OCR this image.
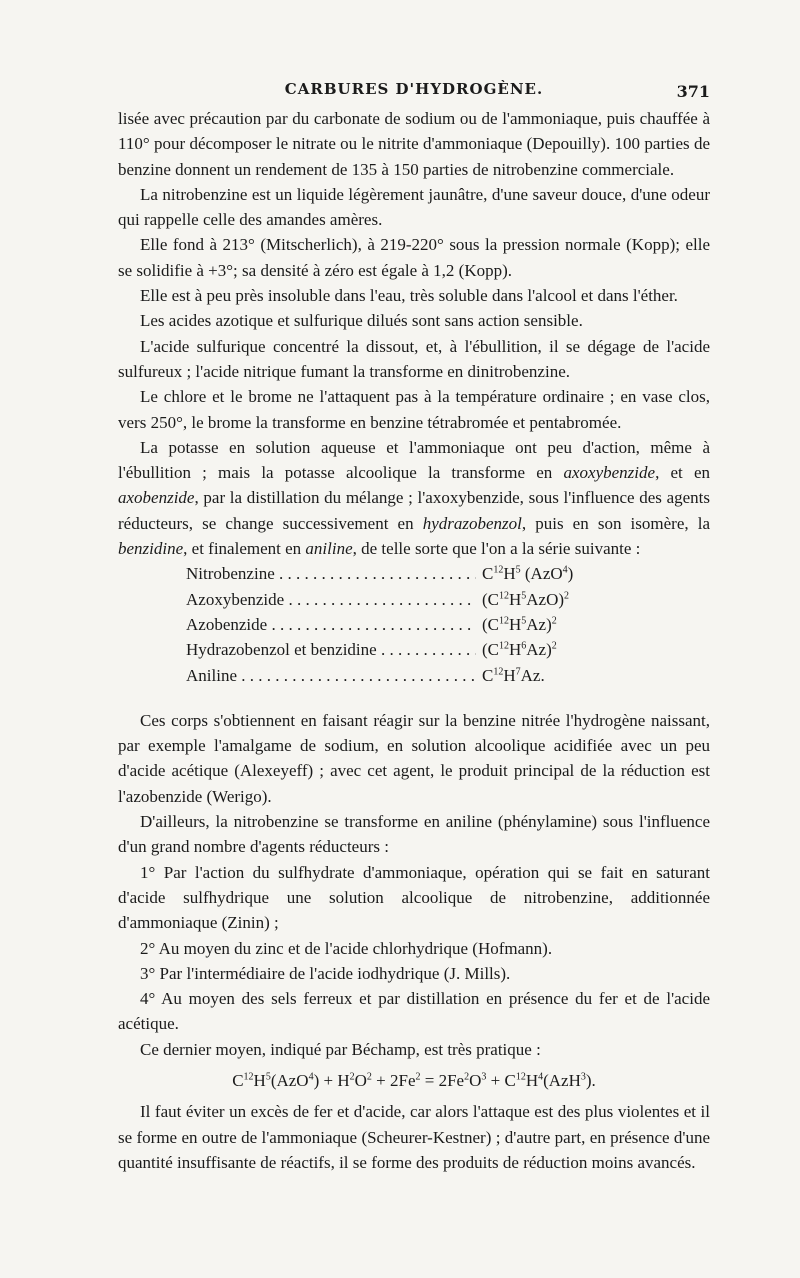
CARBURES D'HYDROGÈNE.	371

lisée avec précaution par du carbonate de sodium ou de l'ammoniaque, puis chauffée à 110° pour décomposer le nitrate ou le nitrite d'ammoniaque (Depouilly). 100 parties de benzine donnent un rendement de 135 à 150 parties de nitrobenzine commerciale.

La nitrobenzine est un liquide légèrement jaunâtre, d'une saveur douce, d'une odeur qui rappelle celle des amandes amères.

Elle fond à 213° (Mitscherlich), à 219-220° sous la pression normale (Kopp); elle se solidifie à +3°; sa densité à zéro est égale à 1,2 (Kopp).

Elle est à peu près insoluble dans l'eau, très soluble dans l'alcool et dans l'éther.

Les acides azotique et sulfurique dilués sont sans action sensible.

L'acide sulfurique concentré la dissout, et, à l'ébullition, il se dégage de l'acide sulfureux ; l'acide nitrique fumant la transforme en dinitrobenzine.

Le chlore et le brome ne l'attaquent pas à la température ordinaire ; en vase clos, vers 250°, le brome la transforme en benzine tétrabromée et pentabromée.

La potasse en solution aqueuse et l'ammoniaque ont peu d'action, même à l'ébullition ; mais la potasse alcoolique la transforme en axoxybenzide, et en axobenzide, par la distillation du mélange ; l'axoxybenzide, sous l'influence des agents réducteurs, se change successivement en hydrazobenzol, puis en son isomère, la benzidine, et finalement en aniline, de telle sorte que l'on a la série suivante :

Nitrobenzine . . .	$C^{12}H^5$ (AzO$^4$)
Azoxybenzide . . .	$(C^{12}H^5AzO)^2$
Azobenzide . . .	$(C^{12}H^5Az)^2$
Hydrazobenzol et benzidine . . .	$(C^{12}H^6Az)^2$
Aniline . . .	$C^{12}H^7Az$.

Ces corps s'obtiennent en faisant réagir sur la benzine nitrée l'hydrogène naissant, par exemple l'amalgame de sodium, en solution alcoolique acidifiée avec un peu d'acide acétique (Alexeyeff) ; avec cet agent, le produit principal de la réduction est l'azobenzide (Werigo).

D'ailleurs, la nitrobenzine se transforme en aniline (phénylamine) sous l'influence d'un grand nombre d'agents réducteurs :

1° Par l'action du sulfhydrate d'ammoniaque, opération qui se fait en saturant d'acide sulfhydrique une solution alcoolique de nitrobenzine, additionnée d'ammoniaque (Zinin) ;

2° Au moyen du zinc et de l'acide chlorhydrique (Hofmann).

3° Par l'intermédiaire de l'acide iodhydrique (J. Mills).

4° Au moyen des sels ferreux et par distillation en présence du fer et de l'acide acétique.

Ce dernier moyen, indiqué par Béchamp, est très pratique :

$C^{12}H^5(AzO^4) + H^2O^2 + 2Fe^2 = 2Fe^2O^3 + C^{12}H^4(AzH^3)$.

Il faut éviter un excès de fer et d'acide, car alors l'attaque est des plus violentes et il se forme en outre de l'ammoniaque (Scheurer-Kestner) ; d'autre part, en présence d'une quantité insuffisante de réactifs, il se forme des produits de réduction moins avancés.
